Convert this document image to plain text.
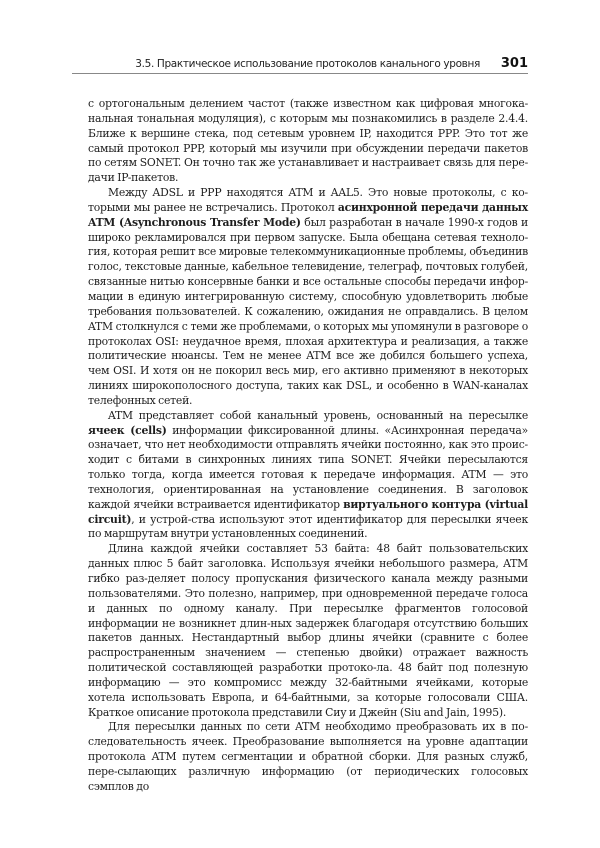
3.5. Практическое использование протоколов канального уровня 301

с ортогональным делением частот (также известном как цифровая многока-нальная тональная модуляция), с которым мы познакомились в разделе 2.4.4. Ближе к вершине стека, под сетевым уровнем IP, находится PPP. Это тот же самый протокол PPP, который мы изучили при обсуждении передачи пакетов по сетям SONET. Он точно так же устанавливает и настраивает связь для пере-дачи IP-пакетов.

Между ADSL и PPP находятся ATM и AAL5. Это новые протоколы, с ко-торыми мы ранее не встречались. Протокол асинхронной передачи данных ATM (Asynchronous Transfer Mode) был разработан в начале 1990-х годов и широко рекламировался при первом запуске. Была обещана сетевая техноло-гия, которая решит все мировые телекоммуникационные проблемы, объединив голос, текстовые данные, кабельное телевидение, телеграф, почтовых голубей, связанные нитью консервные банки и все остальные способы передачи инфор-мации в единую интегрированную систему, способную удовлетворить любые требования пользователей. К сожалению, ожидания не оправдались. В целом ATM столкнулся с теми же проблемами, о которых мы упомянули в разговоре о протоколах OSI: неудачное время, плохая архитектура и реализация, а также политические нюансы. Тем не менее ATM все же добился большего успеха, чем OSI. И хотя он не покорил весь мир, его активно применяют в некоторых линиях широкополосного доступа, таких как DSL, и особенно в WAN-каналах телефонных сетей.

ATM представляет собой канальный уровень, основанный на пересылке ячеек (cells) информации фиксированной длины. «Асинхронная передача» означает, что нет необходимости отправлять ячейки постоянно, как это проис-ходит с битами в синхронных линиях типа SONET. Ячейки пересылаются только тогда, когда имеется готовая к передаче информация. ATM — это технология, ориентированная на установление соединения. В заголовок каждой ячейки встраивается идентификатор виртуального контура (virtual circuit), и устрой-ства используют этот идентификатор для пересылки ячеек по маршрутам внутри установленных соединений.

Длина каждой ячейки составляет 53 байта: 48 байт пользовательских данных плюс 5 байт заголовка. Используя ячейки небольшого размера, ATM гибко раз-деляет полосу пропускания физического канала между разными пользователями. Это полезно, например, при одновременной передаче голоса и данных по одному каналу. При пересылке фрагментов голосовой информации не возникнет длин-ных задержек благодаря отсутствию больших пакетов данных. Нестандартный выбор длины ячейки (сравните с более распространенным значением — степенью двойки) отражает важность политической составляющей разработки протоко-ла. 48 байт под полезную информацию — это компромисс между 32-байтными ячейками, которые хотела использовать Европа, и 64-байтными, за которые голосовали США. Краткое описание протокола представили Сиу и Джейн (Siu and Jain, 1995).

Для пересылки данных по сети ATM необходимо преобразовать их в по-следовательность ячеек. Преобразование выполняется на уровне адаптации протокола ATM путем сегментации и обратной сборки. Для разных служб, пере-сылающих различную информацию (от периодических голосовых сэмплов до
